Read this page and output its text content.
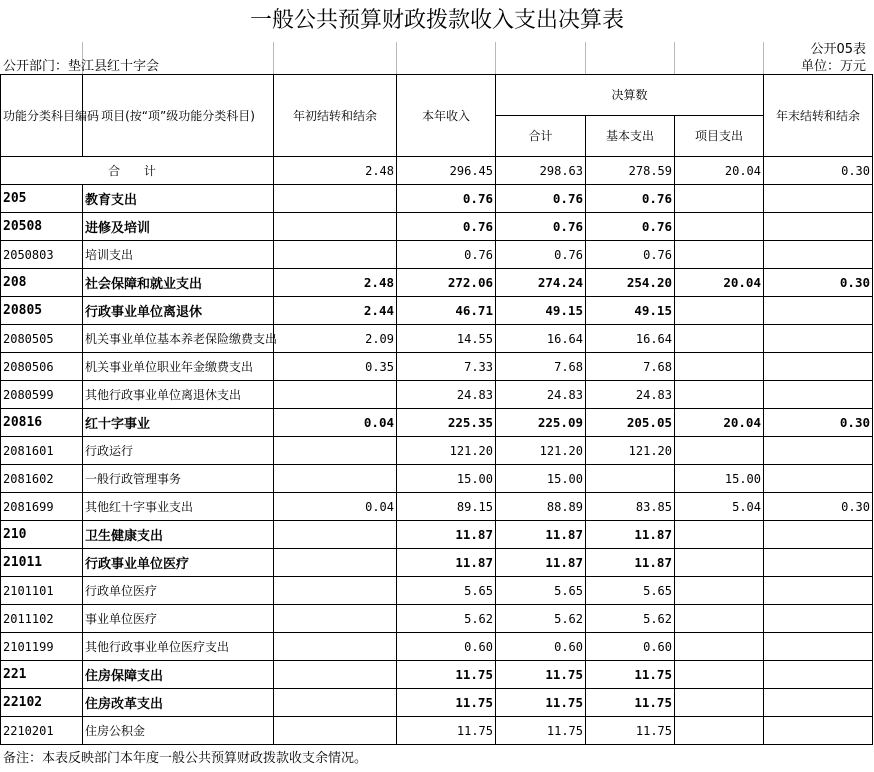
一般公共预算财政拨款收入支出决算表
公开05表
公开部门：垫江县红十字会	单位：万元
功能分类科目编码	项目(按“项”级功能分类科目)	年初结转和结余	本年收入	决算数			年末结转和结余
				合计	基本支出	项目支出	
合 计		2.48	296.45	298.63	278.59	20.04	0.30
205	教育支出		0.76	0.76	0.76		
20508	进修及培训		0.76	0.76	0.76		
2050803	培训支出		0.76	0.76	0.76		
208	社会保障和就业支出	2.48	272.06	274.24	254.20	20.04	0.30
20805	行政事业单位离退休	2.44	46.71	49.15	49.15		
2080505	机关事业单位基本养老保险缴费支出	2.09	14.55	16.64	16.64		
2080506	机关事业单位职业年金缴费支出	0.35	7.33	7.68	7.68		
2080599	其他行政事业单位离退休支出		24.83	24.83	24.83		
20816	红十字事业	0.04	225.35	225.09	205.05	20.04	0.30
2081601	行政运行		121.20	121.20	121.20		
2081602	一般行政管理事务		15.00	15.00		15.00	
2081699	其他红十字事业支出	0.04	89.15	88.89	83.85	5.04	0.30
210	卫生健康支出		11.87	11.87	11.87		
21011	行政事业单位医疗		11.87	11.87	11.87		
2101101	行政单位医疗		5.65	5.65	5.65		
2011102	事业单位医疗		5.62	5.62	5.62		
2101199	其他行政事业单位医疗支出		0.60	0.60	0.60		
221	住房保障支出		11.75	11.75	11.75		
22102	住房改革支出		11.75	11.75	11.75		
2210201	住房公积金		11.75	11.75	11.75		
备注：本表反映部门本年度一般公共预算财政拨款收支余情况。
